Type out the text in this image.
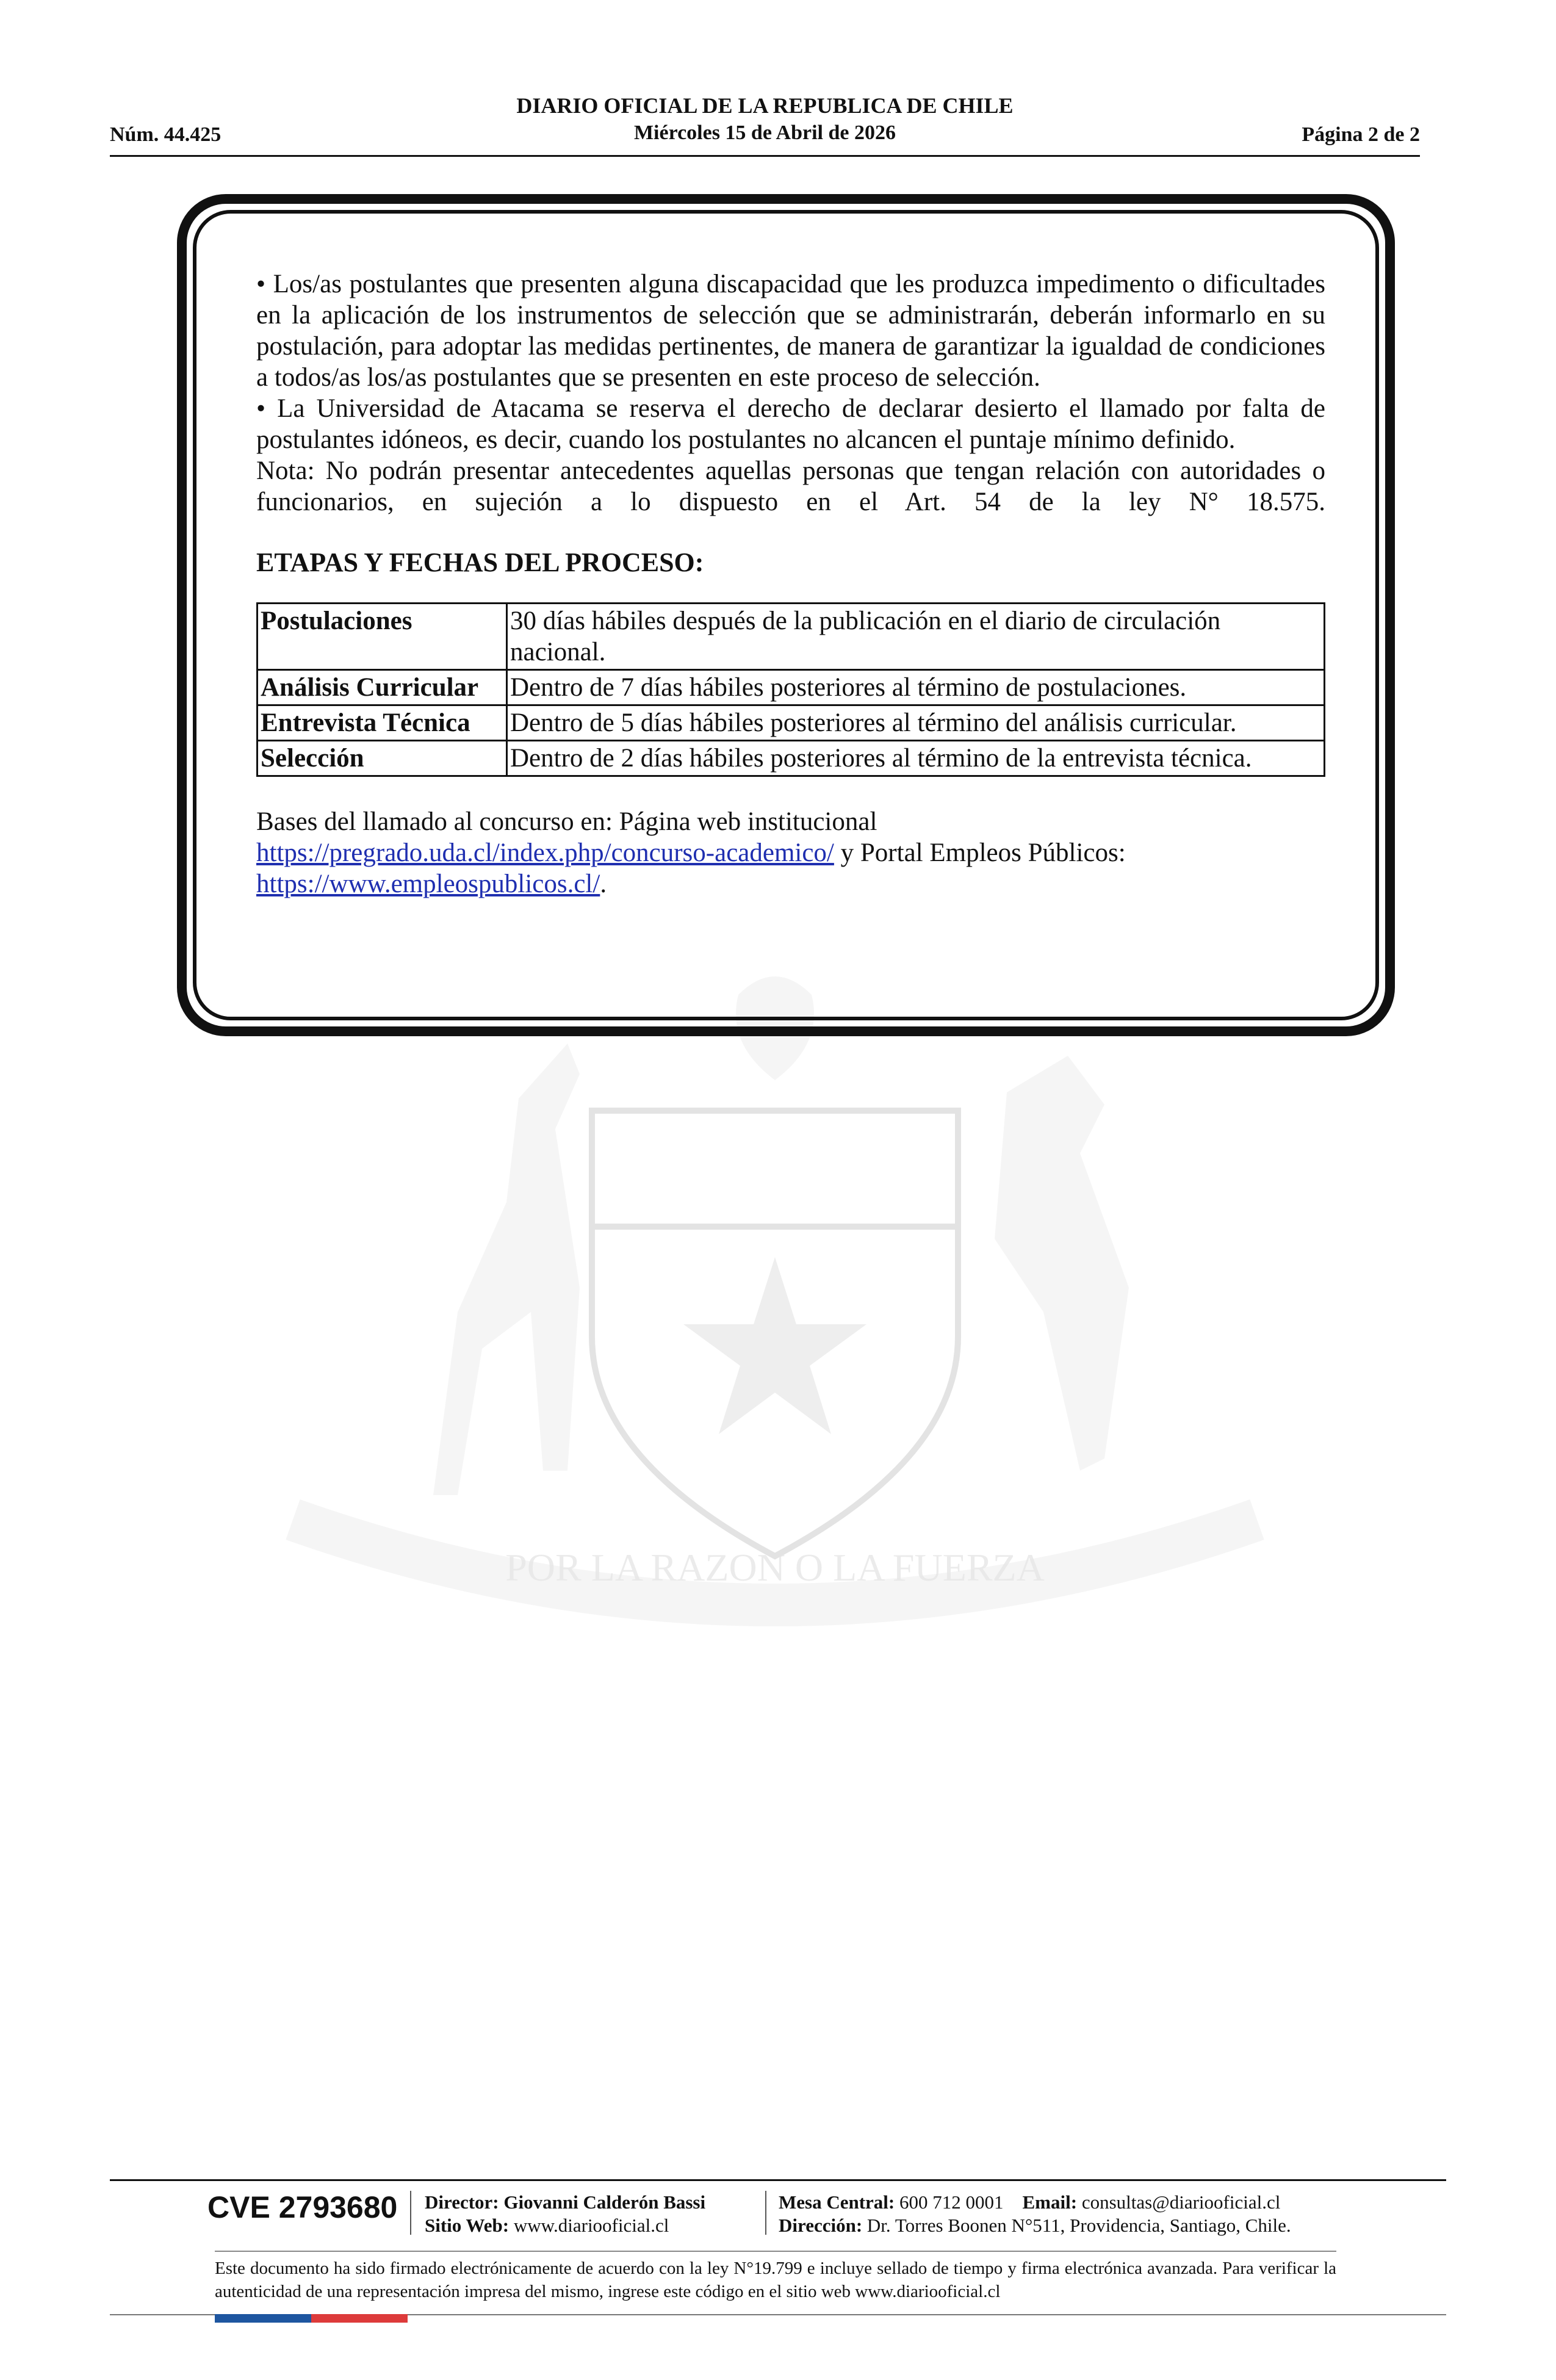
Núm. 44.425
DIARIO OFICIAL DE LA REPUBLICA DE CHILE
Miércoles 15 de Abril de 2026	Página 2 de 2
POR LA RAZON O LA FUERZA

• Los/as postulantes que presenten alguna discapacidad que les produzca impedimento o dificultades en la aplicación de los instrumentos de selección que se administrarán, deberán informarlo en su postulación, para adoptar las medidas pertinentes, de manera de garantizar la igualdad de condiciones a todos/as los/as postulantes que se presenten en este proceso de selección.

• La Universidad de Atacama se reserva el derecho de declarar desierto el llamado por falta de postulantes idóneos, es decir, cuando los postulantes no alcancen el puntaje mínimo definido.

Nota: No podrán presentar antecedentes aquellas personas que tengan relación con autoridades o funcionarios, en sujeción a lo dispuesto en el Art. 54 de la ley N° 18.575.

ETAPAS Y FECHAS DEL PROCESO:

Postulaciones	30 días hábiles después de la publicación en el diario de circulación nacional.
Análisis Curricular	Dentro de 7 días hábiles posteriores al término de postulaciones.
Entrevista Técnica	Dentro de 5 días hábiles posteriores al término del análisis curricular.
Selección	Dentro de 2 días hábiles posteriores al término de la entrevista técnica.

Bases del llamado al concurso en: Página web institucional https://pregrado.uda.cl/index.php/concurso-academico/ y Portal Empleos Públicos: https://www.empleospublicos.cl/.

CVE 2793680 Director: Giovanni Calderón Bassi
Sitio Web: www.diariooficial.cl
Mesa Central: 600 712 0001 Email: consultas@diariooficial.cl
Dirección: Dr. Torres Boonen N°511, Providencia, Santiago, Chile.
Este documento ha sido firmado electrónicamente de acuerdo con la ley N°19.799 e incluye sellado de tiempo y firma electrónica avanzada. Para verificar la autenticidad de una representación impresa del mismo, ingrese este código en el sitio web www.diariooficial.cl
